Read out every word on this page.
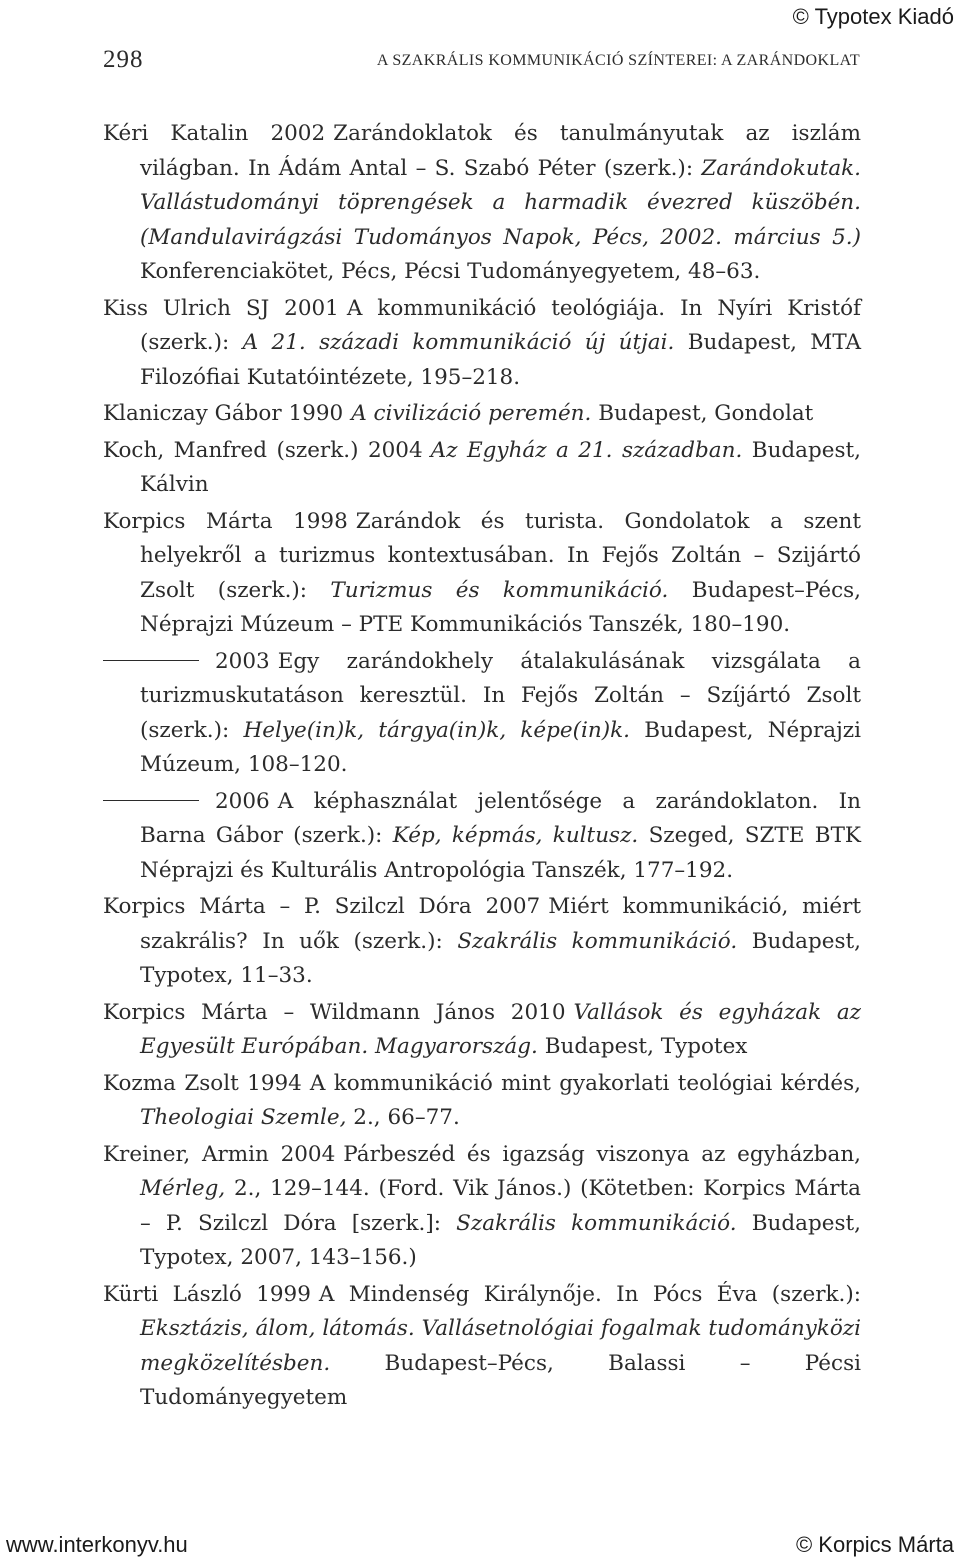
© Typotex Kiadó
298	A SZAKRÁLIS KOMMUNIKÁCIÓ SZÍNTEREI: A ZARÁNDOKLAT

Kéri Katalin 2002 Zarándoklatok és tanulmányutak az iszlám világban. In Ádám Antal – S. Szabó Péter (szerk.): Zarándokutak. Vallástudományi töprengések a harmadik évezred küszöbén. (Mandulavirágzási Tudományos Napok, Pécs, 2002. március 5.) Konferenciakötet, Pécs, Pécsi Tudományegyetem, 48–63.

Kiss Ulrich SJ 2001 A kommunikáció teológiája. In Nyíri Kristóf (szerk.): A 21. századi kommunikáció új útjai. Budapest, MTA Filozófiai Kutatóintézete, 195–218.

Klaniczay Gábor 1990 A civilizáció peremén. Budapest, Gondolat

Koch, Manfred (szerk.) 2004 Az Egyház a 21. században. Budapest, Kálvin

Korpics Márta 1998 Zarándok és turista. Gondolatok a szent helyekről a turizmus kontextusában. In Fejős Zoltán – Szijártó Zsolt (szerk.): Turizmus és kommunikáció. Budapest–Pécs, Néprajzi Múzeum – PTE Kommunikációs Tanszék, 180–190.

2003 Egy zarándokhely átalakulásának vizsgálata a turizmuskutatáson keresztül. In Fejős Zoltán – Szíjártó Zsolt (szerk.): Helye(in)k, tárgya(in)k, képe(in)k. Budapest, Néprajzi Múzeum, 108–120.

2006 A képhasználat jelentősége a zarándoklaton. In Barna Gábor (szerk.): Kép, képmás, kultusz. Szeged, SZTE BTK Néprajzi és Kulturális Antropológia Tanszék, 177–192.

Korpics Márta – P. Szilczl Dóra 2007 Miért kommunikáció, miért szakrális? In uők (szerk.): Szakrális kommunikáció. Budapest, Typotex, 11–33.

Korpics Márta – Wildmann János 2010 Vallások és egyházak az Egyesült Európában. Magyarország. Budapest, Typotex

Kozma Zsolt 1994 A kommunikáció mint gyakorlati teológiai kérdés, Theologiai Szemle, 2., 66–77.

Kreiner, Armin 2004 Párbeszéd és igazság viszonya az egyházban, Mérleg, 2., 129–144. (Ford. Vik János.) (Kötetben: Korpics Márta – P. Szilczl Dóra [szerk.]: Szakrális kommunikáció. Budapest, Typotex, 2007, 143–156.)

Kürti László 1999 A Mindenség Királynője. In Pócs Éva (szerk.): Eksztázis, álom, látomás. Vallásetnológiai fogalmak tudományközi megközelítésben.	Budapest–Pécs, Balassi – Pécsi Tudományegyetem

www.interkonyv.hu	© Korpics Márta
